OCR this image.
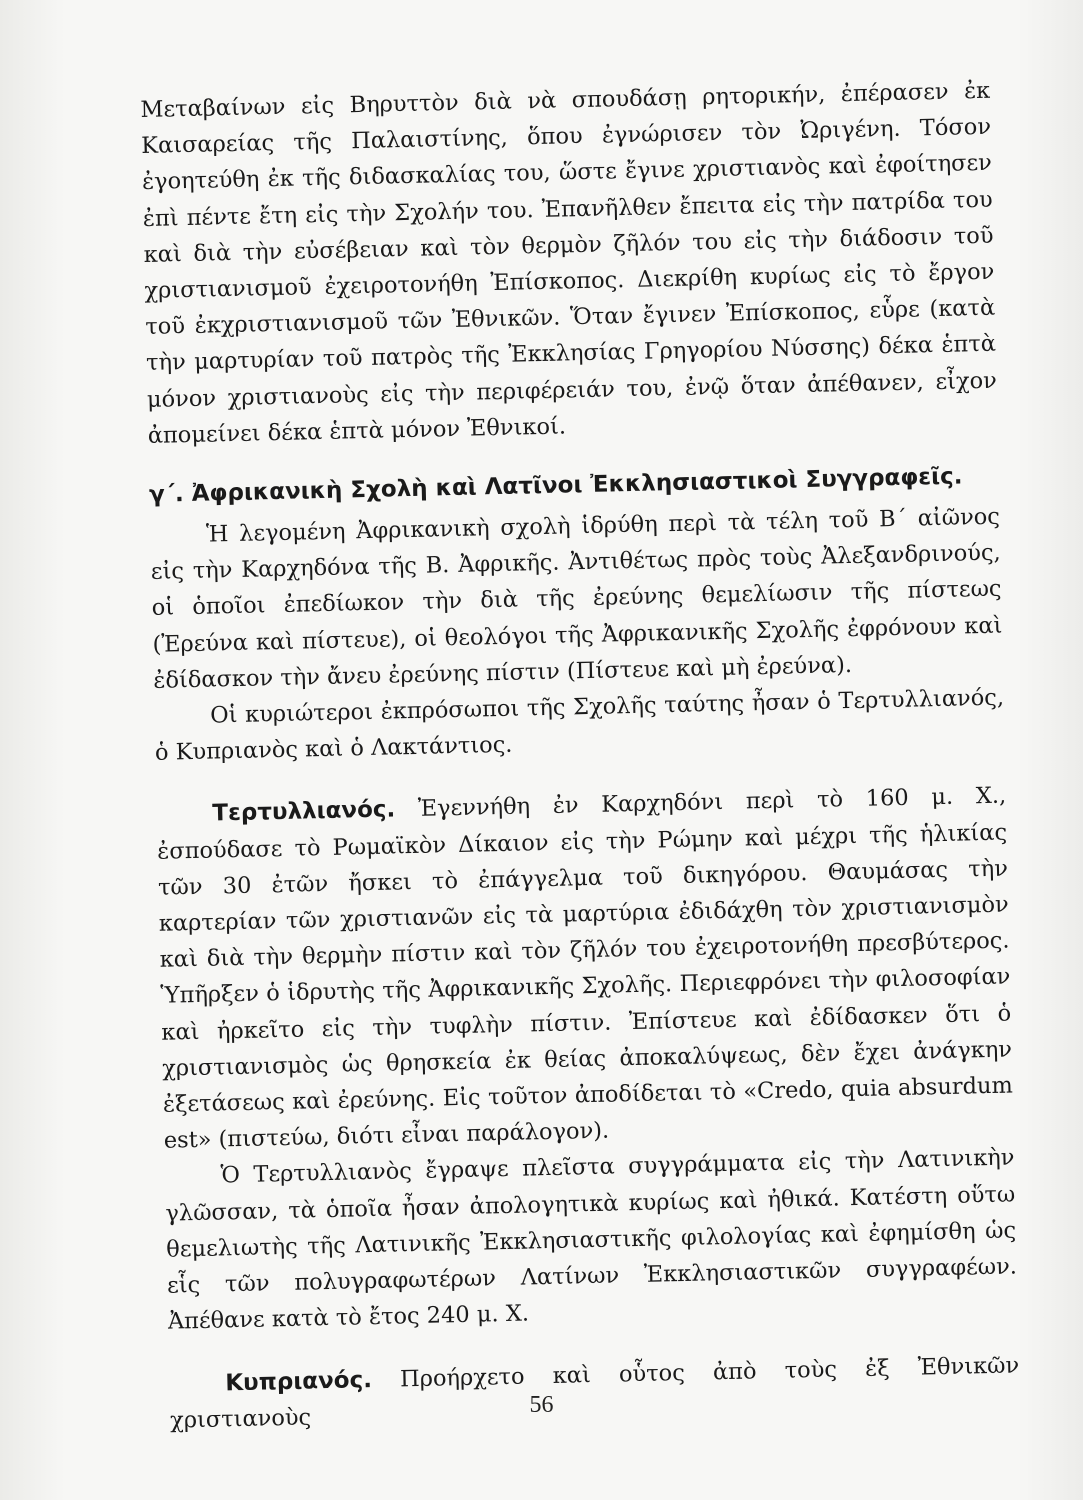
Μεταβαίνων εἰς Βηρυττὸν διὰ νὰ σπουδάσῃ ρητορικήν, ἐπέρασεν ἐκ Καισαρείας τῆς Παλαιστίνης, ὅπου ἐγνώρισεν τὸν Ὠριγένη. Τόσον ἐγοητεύθη ἐκ τῆς διδασκαλίας του, ὥστε ἔγινε χριστιανὸς καὶ ἐφοίτησεν ἐπὶ πέντε ἔτη εἰς τὴν Σχολήν του. Ἐπανῆλθεν ἔπειτα εἰς τὴν πατρίδα του καὶ διὰ τὴν εὐσέβειαν καὶ τὸν θερμὸν ζῆλόν του εἰς τὴν διάδοσιν τοῦ χριστιανισμοῦ ἐχειροτονήθη Ἐπίσκοπος. Διεκρίθη κυρίως εἰς τὸ ἔργον τοῦ ἐκχριστιανισμοῦ τῶν Ἐθνικῶν. Ὅταν ἔγινεν Ἐπίσκοπος, εὗρε (κατὰ τὴν μαρτυρίαν τοῦ πατρὸς τῆς Ἐκκλησίας Γρηγορίου Νύσσης) δέκα ἑπτὰ μόνον χριστιανοὺς εἰς τὴν περιφέρειάν του, ἐνῷ ὅταν ἀπέθανεν, εἶχον ἀπομείνει δέκα ἑπτὰ μόνον Ἐθνικοί.

γ΄. Ἀφρικανικὴ Σχολὴ καὶ Λατῖνοι Ἐκκλησιαστικοὶ Συγγραφεῖς.

Ἡ λεγομένη Ἀφρικανικὴ σχολὴ ἱδρύθη περὶ τὰ τέλη τοῦ Β΄ αἰῶνος εἰς τὴν Καρχηδόνα τῆς Β. Ἀφρικῆς. Ἀντιθέτως πρὸς τοὺς Ἀλεξανδρινούς, οἱ ὁποῖοι ἐπεδίωκον τὴν διὰ τῆς ἐρεύνης θεμελίωσιν τῆς πίστεως (Ἐρεύνα καὶ πίστευε), οἱ θεολόγοι τῆς Ἀφρικανικῆς Σχολῆς ἐφρόνουν καὶ ἐδίδασκον τὴν ἄνευ ἐρεύνης πίστιν (Πίστευε καὶ μὴ ἐρεύνα).

Οἱ κυριώτεροι ἐκπρόσωποι τῆς Σχολῆς ταύτης ἦσαν ὁ Τερτυλλιανός, ὁ Κυπριανὸς καὶ ὁ Λακτάντιος.

Τερτυλλιανός. Ἐγεννήθη ἐν Καρχηδόνι περὶ τὸ 160 μ. Χ., ἐσπούδασε τὸ Ρωμαϊκὸν Δίκαιον εἰς τὴν Ρώμην καὶ μέχρι τῆς ἡλικίας τῶν 30 ἐτῶν ἤσκει τὸ ἐπάγγελμα τοῦ δικηγόρου. Θαυμάσας τὴν καρτερίαν τῶν χριστιανῶν εἰς τὰ μαρτύρια ἐδιδάχθη τὸν χριστιανισμὸν καὶ διὰ τὴν θερμὴν πίστιν καὶ τὸν ζῆλόν του ἐχειροτονήθη πρεσβύτερος. Ὑπῆρξεν ὁ ἱδρυτὴς τῆς Ἀφρικανικῆς Σχολῆς. Περιεφρόνει τὴν φιλοσοφίαν καὶ ἠρκεῖτο εἰς τὴν τυφλὴν πίστιν. Ἐπίστευε καὶ ἐδίδασκεν ὅτι ὁ χριστιανισμὸς ὡς θρησκεία ἐκ θείας ἀποκαλύψεως, δὲν ἔχει ἀνάγκην ἐξετάσεως καὶ ἐρεύνης. Εἰς τοῦτον ἀποδίδεται τὸ «Credo, quia absurdum est» (πιστεύω, διότι εἶναι παράλογον).

Ὁ Τερτυλλιανὸς ἔγραψε πλεῖστα συγγράμματα εἰς τὴν Λατινικὴν γλῶσσαν, τὰ ὁποῖα ἦσαν ἀπολογητικὰ κυρίως καὶ ἠθικά. Κατέστη οὕτω θεμελιωτὴς τῆς Λατινικῆς Ἐκκλησιαστικῆς φιλολογίας καὶ ἐφημίσθη ὡς εἷς τῶν πολυγραφωτέρων Λατίνων Ἐκκλησιαστικῶν συγγραφέων. Ἀπέθανε κατὰ τὸ ἔτος 240 μ. Χ.

Κυπριανός. Προήρχετο καὶ οὗτος ἀπὸ τοὺς ἐξ Ἐθνικῶν χριστιανοὺς	56
